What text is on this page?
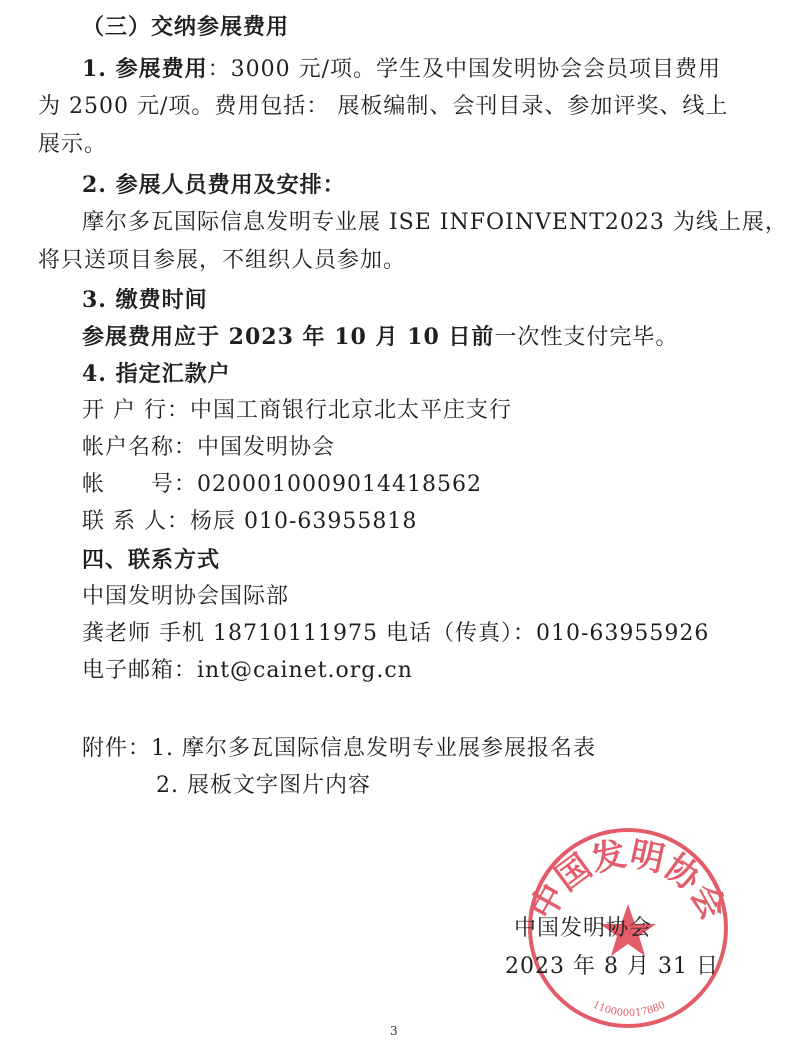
（三）交纳参展费用
1. 参展费用：3000 元/项。学生及中国发明协会会员项目费用
为 2500 元/项。费用包括： 展板编制、会刊目录、参加评奖、线上
展示。
2. 参展人员费用及安排：
摩尔多瓦国际信息发明专业展 ISE INFOINVENT2023 为线上展，
将只送项目参展，不组织人员参加。
3. 缴费时间
参展费用应于 2023 年 10 月 10 日前一次性支付完毕。
4. 指定汇款户
开 户 行：中国工商银行北京北太平庄支行
帐户名称：中国发明协会
帐　　号：0200010009014418562
联 系 人：杨辰 010-63955818
四、联系方式
中国发明协会国际部
龚老师 手机 18710111975 电话（传真）：010-63955926
电子邮箱：int@cainet.org.cn
附件：1. 摩尔多瓦国际信息发明专业展参展报名表
2. 展板文字图片内容
中国发明协会
110000017880
中国发明协会
2023 年 8 月 31 日
3
